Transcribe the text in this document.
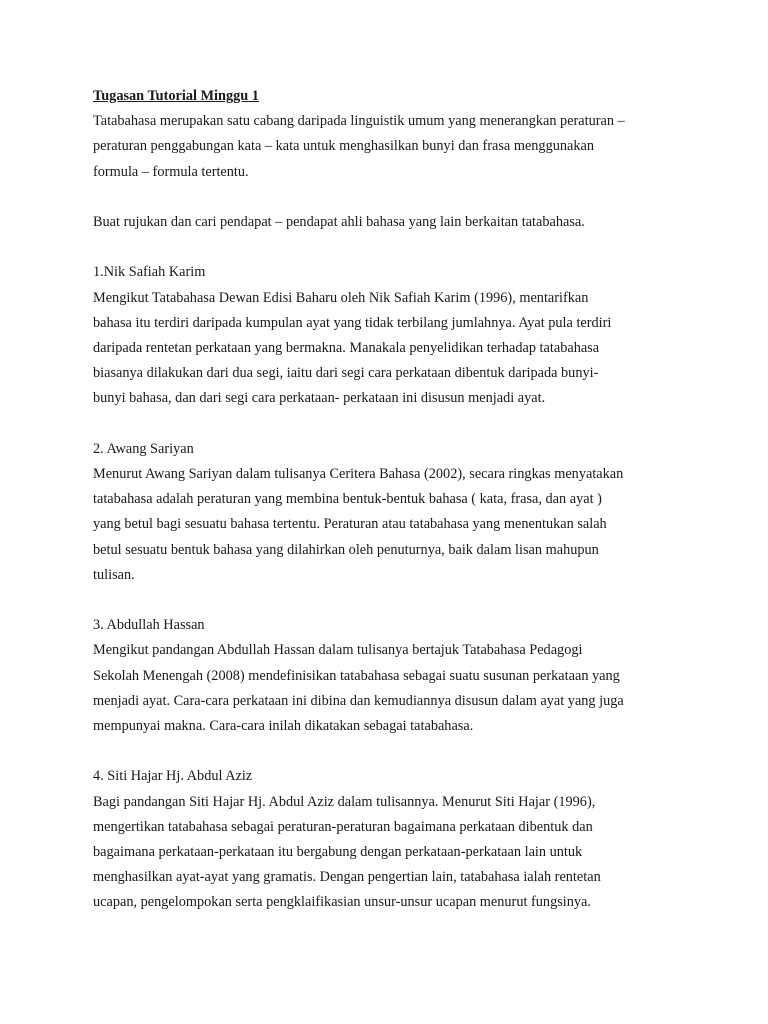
Tugasan Tutorial Minggu 1
Tatabahasa merupakan satu cabang daripada linguistik umum yang menerangkan peraturan –
peraturan penggabungan kata – kata untuk menghasilkan bunyi dan frasa menggunakan
formula – formula tertentu.
Buat rujukan dan cari pendapat – pendapat ahli bahasa yang lain berkaitan tatabahasa.
1.Nik Safiah Karim
Mengikut Tatabahasa Dewan Edisi Baharu oleh Nik Safiah Karim (1996), mentarifkan
bahasa itu terdiri daripada kumpulan ayat yang tidak terbilang jumlahnya. Ayat pula terdiri
daripada rentetan perkataan yang bermakna. Manakala penyelidikan terhadap tatabahasa
biasanya dilakukan dari dua segi, iaitu dari segi cara perkataan dibentuk daripada bunyi-
bunyi bahasa, dan dari segi cara perkataan- perkataan ini disusun menjadi ayat.
2. Awang Sariyan
Menurut Awang Sariyan dalam tulisanya Ceritera Bahasa (2002), secara ringkas menyatakan
tatabahasa adalah peraturan yang membina bentuk-bentuk bahasa ( kata, frasa, dan ayat )
yang betul bagi sesuatu bahasa tertentu. Peraturan atau tatabahasa yang menentukan salah
betul sesuatu bentuk bahasa yang dilahirkan oleh penuturnya, baik dalam lisan mahupun
tulisan.
3. Abdullah Hassan
Mengikut pandangan Abdullah Hassan dalam tulisanya bertajuk Tatabahasa Pedagogi
Sekolah Menengah (2008) mendefinisikan tatabahasa sebagai suatu susunan perkataan yang
menjadi ayat. Cara-cara perkataan ini dibina dan kemudiannya disusun dalam ayat yang juga
mempunyai makna. Cara-cara inilah dikatakan sebagai tatabahasa.
4. Siti Hajar Hj. Abdul Aziz
Bagi pandangan Siti Hajar Hj. Abdul Aziz dalam tulisannya. Menurut Siti Hajar (1996),
mengertikan tatabahasa sebagai peraturan-peraturan bagaimana perkataan dibentuk dan
bagaimana perkataan-perkataan itu bergabung dengan perkataan-perkataan lain untuk
menghasilkan ayat-ayat yang gramatis. Dengan pengertian lain, tatabahasa ialah rentetan
ucapan, pengelompokan serta pengklaifikasian unsur-unsur ucapan menurut fungsinya.
